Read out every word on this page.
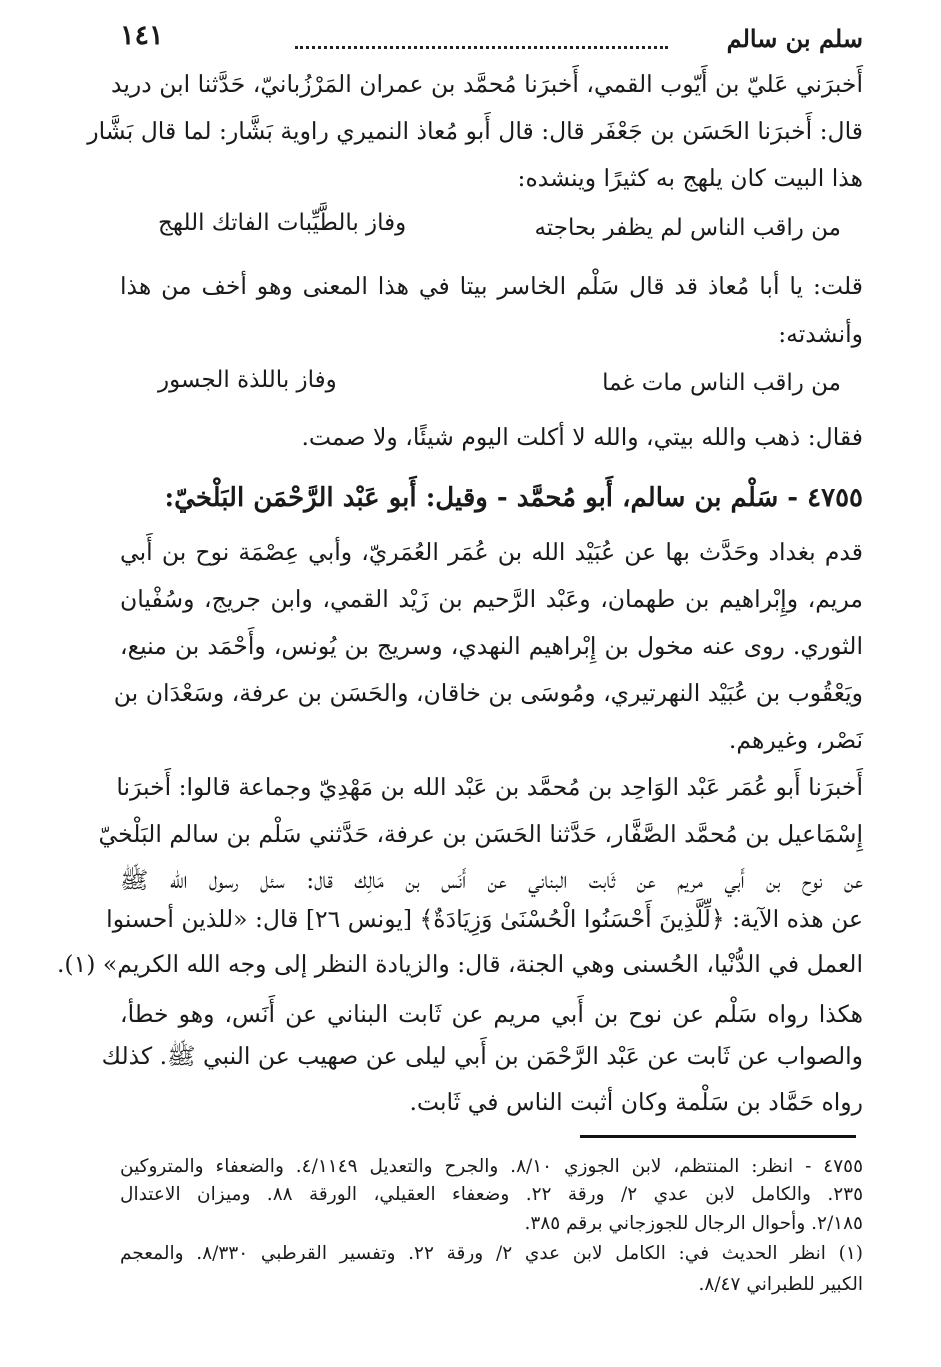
سلم بن سالم
١٤١
أَخبرَني عَليّ بن أَيّوب القمي، أَخبرَنا مُحمَّد بن عمران المَرْزُبانيّ، حَدَّثنا ابن دريد
قال: أَخبرَنا الحَسَن بن جَعْفَر قال: قال أَبو مُعاذ النميري راوية بَشَّار: لما قال بَشَّار
هذا البيت كان يلهج به كثيرًا وينشده:
من راقب الناس لم يظفر بحاجته
وفاز بالطَّيِّبات الفاتك اللهج
قلت: يا أبا مُعاذ قد قال سَلْم الخاسر بيتا في هذا المعنى وهو أخف من هذا
وأنشدته:
من راقب الناس مات غما
وفاز باللذة الجسور
فقال: ذهب والله بيتي، والله لا أكلت اليوم شيئًا، ولا صمت.
٤٧٥٥ - سَلْم بن سالم، أَبو مُحمَّد - وقيل: أَبو عَبْد الرَّحْمَن البَلْخيّ:
قدم بغداد وحَدَّث بها عن عُبَيْد الله بن عُمَر العُمَريّ، وأبي عِصْمَة نوح بن أَبي
مريم، وإِبْراهيم بن طهمان، وعَبْد الرَّحيم بن زَيْد القمي، وابن جريج، وسُفْيان
الثوري. روى عنه مخول بن إِبْراهيم النهدي، وسريج بن يُونس، وأَحْمَد بن منيع،
ويَعْقُوب بن عُبَيْد النهرتيري، ومُوسَى بن خاقان، والحَسَن بن عرفة، وسَعْدَان بن
نَصْر، وغيرهم.
أَخبرَنا أَبو عُمَر عَبْد الوَاحِد بن مُحمَّد بن عَبْد الله بن مَهْدِيّ وجماعة قالوا: أَخبرَنا
إِسْمَاعيل بن مُحمَّد الصَّفَّار، حَدَّثنا الحَسَن بن عرفة، حَدَّثني سَلْم بن سالم البَلْخيّ
عن نوح بن أَبي مريم عن ثَابت البناني عن أَنَس بن مَالِك قال: سئل رسول الله ﷺ
عن هذه الآية: ﴿لِّلَّذِينَ أَحْسَنُوا الْحُسْنَىٰ وَزِيَادَةٌ﴾ [يونس ٢٦] قال: «للذين أحسنوا
العمل في الدُّنْيا، الحُسنى وهي الجنة، قال: والزيادة النظر إلى وجه الله الكريم» (١).
هكذا رواه سَلْم عن نوح بن أَبي مريم عن ثَابت البناني عن أَنَس، وهو خطأ،
والصواب عن ثَابت عن عَبْد الرَّحْمَن بن أَبي ليلى عن صهيب عن النبي ﷺ. كذلك
رواه حَمَّاد بن سَلْمة وكان أثبت الناس في ثَابت.
٤٧٥٥ - انظر: المنتظم، لابن الجوزي ٨/١٠. والجرح والتعديل ٤/١١٤٩. والضعفاء والمتروكين
٢٣٥. والكامل لابن عدي ٢/ ورقة ٢٢. وضعفاء العقيلي، الورقة ٨٨. وميزان الاعتدال
٢/١٨٥. وأحوال الرجال للجوزجاني برقم ٣٨٥.
(١) انظر الحديث في: الكامل لابن عدي ٢/ ورقة ٢٢. وتفسير القرطبي ٨/٣٣٠. والمعجم
الكبير للطبراني ٨/٤٧.
